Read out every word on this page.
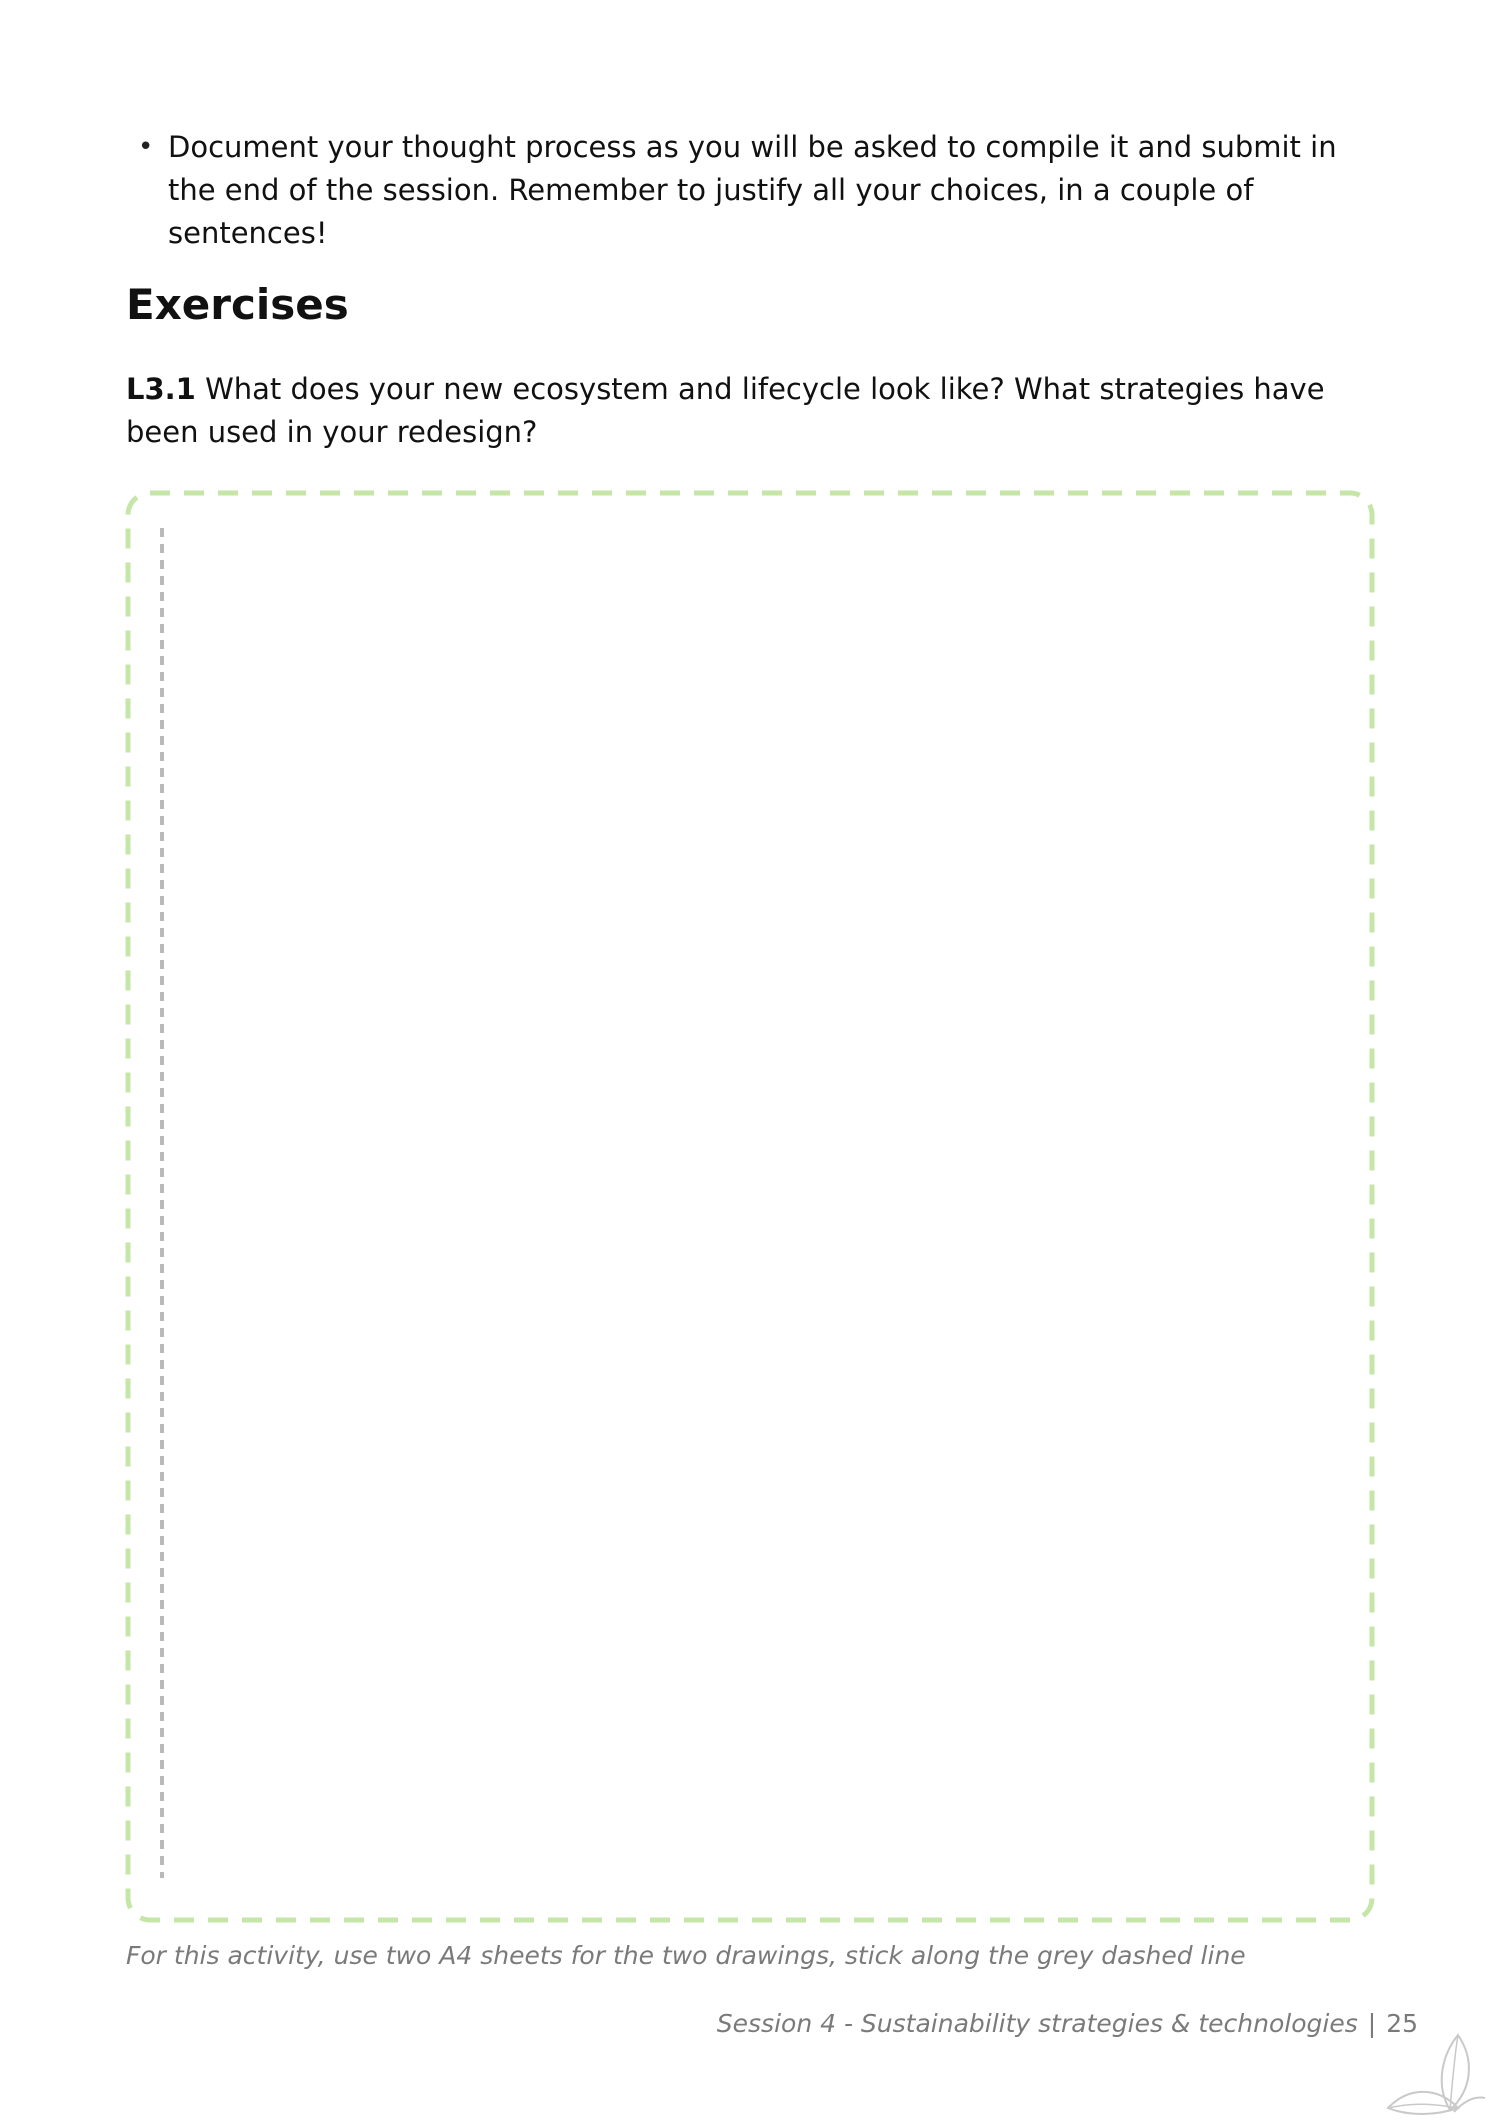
• Document your thought process as you will be asked to compile it and submit in the end of the session. Remember to justify all your choices, in a couple of sentences!
Exercises
L3.1 What does your new ecosystem and lifecycle look like? What strategies have been used in your redesign?
For this activity, use two A4 sheets for the two drawings, stick along the grey dashed line
Session 4 - Sustainability strategies & technologies | 25
